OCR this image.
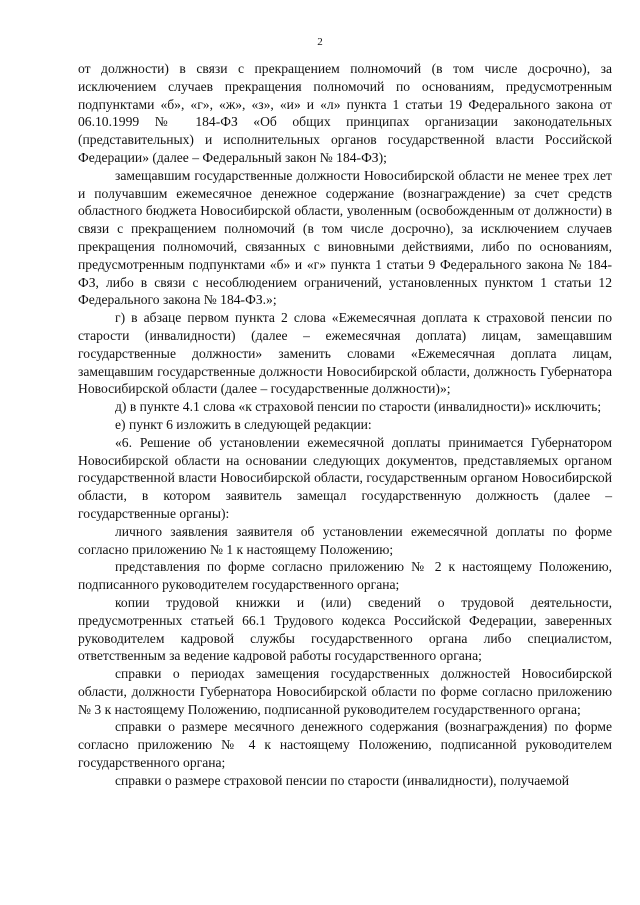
2

от должности) в связи с прекращением полномочий (в том числе досрочно), за исключением случаев прекращения полномочий по основаниям, предусмотренным подпунктами «б», «г», «ж», «з», «и» и «л» пункта 1 статьи 19 Федерального закона от 06.10.1999 № 184-ФЗ «Об общих принципах организации законодательных (представительных) и исполнительных органов государственной власти Российской Федерации» (далее – Федеральный закон № 184-ФЗ);

замещавшим государственные должности Новосибирской области не менее трех лет и получавшим ежемесячное денежное содержание (вознаграждение) за счет средств областного бюджета Новосибирской области, уволенным (освобожденным от должности) в связи с прекращением полномочий (в том числе досрочно), за исключением случаев прекращения полномочий, связанных с виновными действиями, либо по основаниям, предусмотренным подпунктами «б» и «г» пункта 1 статьи 9 Федерального закона № 184-ФЗ, либо в связи с несоблюдением ограничений, установленных пунктом 1 статьи 12 Федерального закона № 184-ФЗ.»;

г) в абзаце первом пункта 2 слова «Ежемесячная доплата к страховой пенсии по старости (инвалидности) (далее – ежемесячная доплата) лицам, замещавшим государственные должности» заменить словами «Ежемесячная доплата лицам, замещавшим государственные должности Новосибирской области, должность Губернатора Новосибирской области (далее – государственные должности)»;

д) в пункте 4.1 слова «к страховой пенсии по старости (инвалидности)» исключить;

е) пункт 6 изложить в следующей редакции:

«6. Решение об установлении ежемесячной доплаты принимается Губернатором Новосибирской области на основании следующих документов, представляемых органом государственной власти Новосибирской области, государственным органом Новосибирской области, в котором заявитель замещал государственную должность (далее – государственные органы):

личного заявления заявителя об установлении ежемесячной доплаты по форме согласно приложению № 1 к настоящему Положению;

представления по форме согласно приложению № 2 к настоящему Положению, подписанного руководителем государственного органа;

копии трудовой книжки и (или) сведений о трудовой деятельности, предусмотренных статьей 66.1 Трудового кодекса Российской Федерации, заверенных руководителем кадровой службы государственного органа либо специалистом, ответственным за ведение кадровой работы государственного органа;

справки о периодах замещения государственных должностей Новосибирской области, должности Губернатора Новосибирской области по форме согласно приложению № 3 к настоящему Положению, подписанной руководителем государственного органа;

справки о размере месячного денежного содержания (вознаграждения) по форме согласно приложению № 4 к настоящему Положению, подписанной руководителем государственного органа;

справки о размере страховой пенсии по старости (инвалидности), получаемой
